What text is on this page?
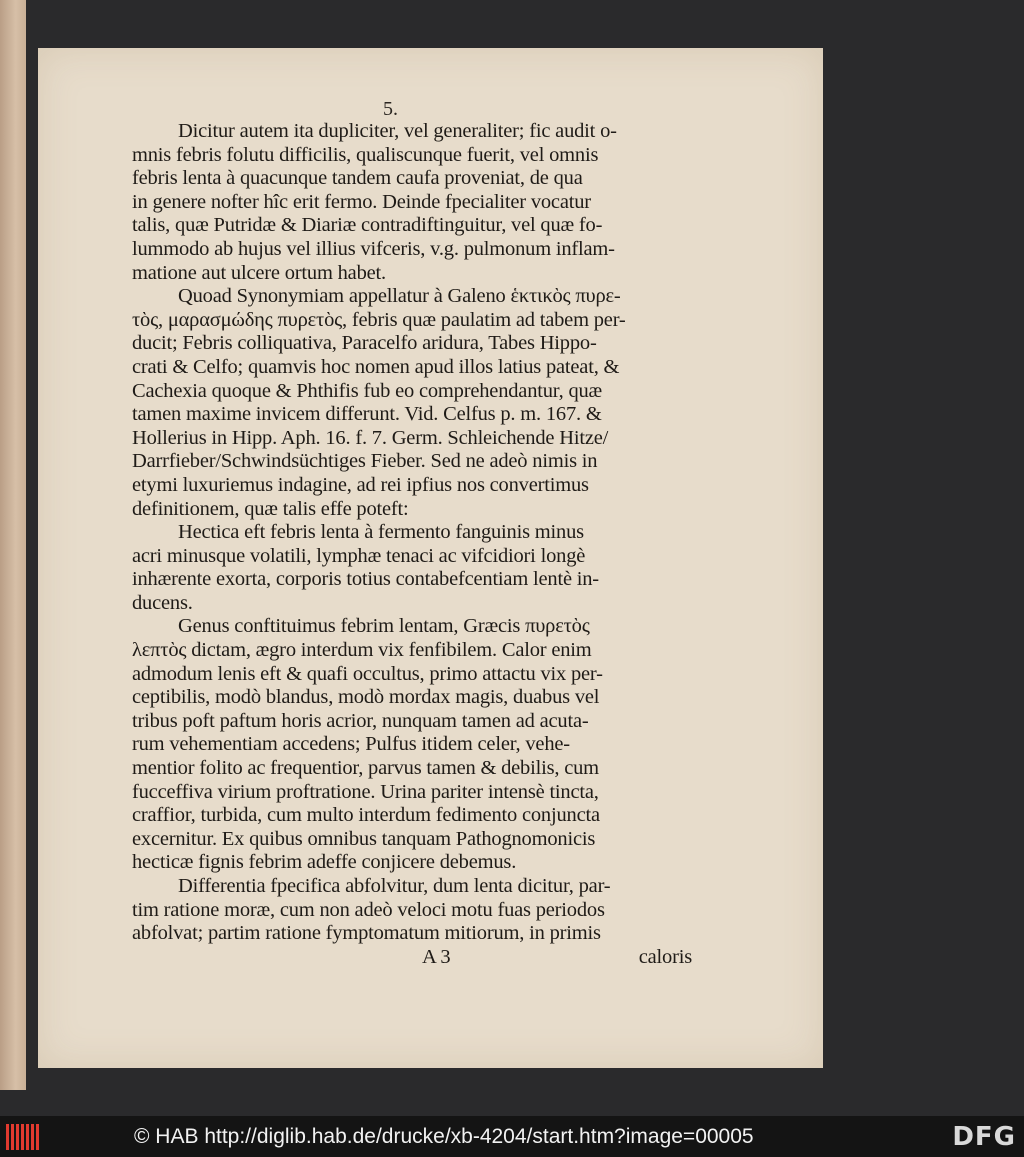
5.
Dicitur autem ita dupliciter, vel generaliter; fic audit o-
mnis febris folutu difficilis, qualiscunque fuerit, vel omnis
febris lenta à quacunque tandem caufa proveniat, de qua
in genere nofter hîc erit fermo. Deinde fpecialiter vocatur
talis, quæ Putridæ & Diariæ contradiftinguitur, vel quæ fo-
lummodo ab hujus vel illius vifceris, v.g. pulmonum inflam-
matione aut ulcere ortum habet.
Quoad Synonymiam appellatur à Galeno ἑκτικὸς πυρε-
τὸς, μαρασμώδης πυρετὸς, febris quæ paulatim ad tabem per-
ducit; Febris colliquativa, Paracelfo aridura, Tabes Hippo-
crati & Celfo; quamvis hoc nomen apud illos latius pateat, &
Cachexia quoque & Phthifis fub eo comprehendantur, quæ
tamen maxime invicem differunt. Vid. Celfus p. m. 167. &
Hollerius in Hipp. Aph. 16. f. 7. Germ. Schleichende Hitze/
Darrfieber/Schwindsüchtiges Fieber. Sed ne adeò nimis in
etymi luxuriemus indagine, ad rei ipfius nos convertimus
definitionem, quæ talis effe poteft:
Hectica eft febris lenta à fermento fanguinis minus
acri minusque volatili, lymphæ tenaci ac vifcidiori longè
inhærente exorta, corporis totius contabefcentiam lentè in-
ducens.
Genus conftituimus febrim lentam, Græcis πυρετὸς
λεπτὸς dictam, ægro interdum vix fenfibilem. Calor enim
admodum lenis eft & quafi occultus, primo attactu vix per-
ceptibilis, modò blandus, modò mordax magis, duabus vel
tribus poft paftum horis acrior, nunquam tamen ad acuta-
rum vehementiam accedens; Pulfus itidem celer, vehe-
mentior folito ac frequentior, parvus tamen & debilis, cum
fucceffiva virium proftratione. Urina pariter intensè tincta,
craffior, turbida, cum multo interdum fedimento conjuncta
excernitur. Ex quibus omnibus tanquam Pathognomonicis
hecticæ fignis febrim adeffe conjicere debemus.
Differentia fpecifica abfolvitur, dum lenta dicitur, par-
tim ratione moræ, cum non adeò veloci motu fuas periodos
abfolvat; partim ratione fymptomatum mitiorum, in primis
A 3	caloris
© HAB http://diglib.hab.de/drucke/xb-4204/start.htm?image=00005	DFG
